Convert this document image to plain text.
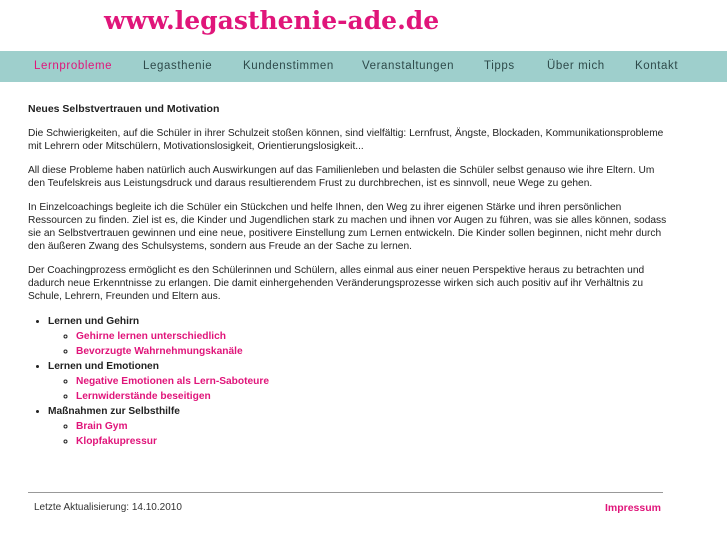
www.legasthenie-ade.de
Lernprobleme	Legasthenie	Kundenstimmen Veranstaltungen	Tipps	Über mich	Kontakt
Neues Selbstvertrauen und Motivation

Die Schwierigkeiten, auf die Schüler in ihrer Schulzeit stoßen können, sind vielfältig: Lernfrust, Ängste, Blockaden, Kommunikationsprobleme mit Lehrern oder Mitschülern, Motivationslosigkeit, Orientierungslosigkeit...

All diese Probleme haben natürlich auch Auswirkungen auf das Familienleben und belasten die Schüler selbst genauso wie ihre Eltern. Um den Teufelskreis aus Leistungsdruck und daraus resultierendem Frust zu durchbrechen, ist es sinnvoll, neue Wege zu gehen.

In Einzelcoachings begleite ich die Schüler ein Stückchen und helfe Ihnen, den Weg zu ihrer eigenen Stärke und ihren persönlichen Ressourcen zu finden. Ziel ist es, die Kinder und Jugendlichen stark zu machen und ihnen vor Augen zu führen, was sie alles können, sodass sie an Selbstvertrauen gewinnen und eine neue, positivere Einstellung zum Lernen entwickeln. Die Kinder sollen beginnen, nicht mehr durch den äußeren Zwang des Schulsystems, sondern aus Freude an der Sache zu lernen.

Der Coachingprozess ermöglicht es den Schülerinnen und Schülern, alles einmal aus einer neuen Perspektive heraus zu betrachten und dadurch neue Erkenntnisse zu erlangen. Die damit einhergehenden Veränderungsprozesse wirken sich auch positiv auf ihr Verhältnis zu Schule, Lehrern, Freunden und Eltern aus.

• Lernen und Gehirn
◦ Gehirne lernen unterschiedlich
◦ Bevorzugte Wahrnehmungskanäle
• Lernen und Emotionen
◦ Negative Emotionen als Lern-Saboteure
◦ Lernwiderstände beseitigen
• Maßnahmen zur Selbsthilfe
◦ Brain Gym
◦ Klopfakupressur
Letzte Aktualisierung: 14.10.2010	Impressum
